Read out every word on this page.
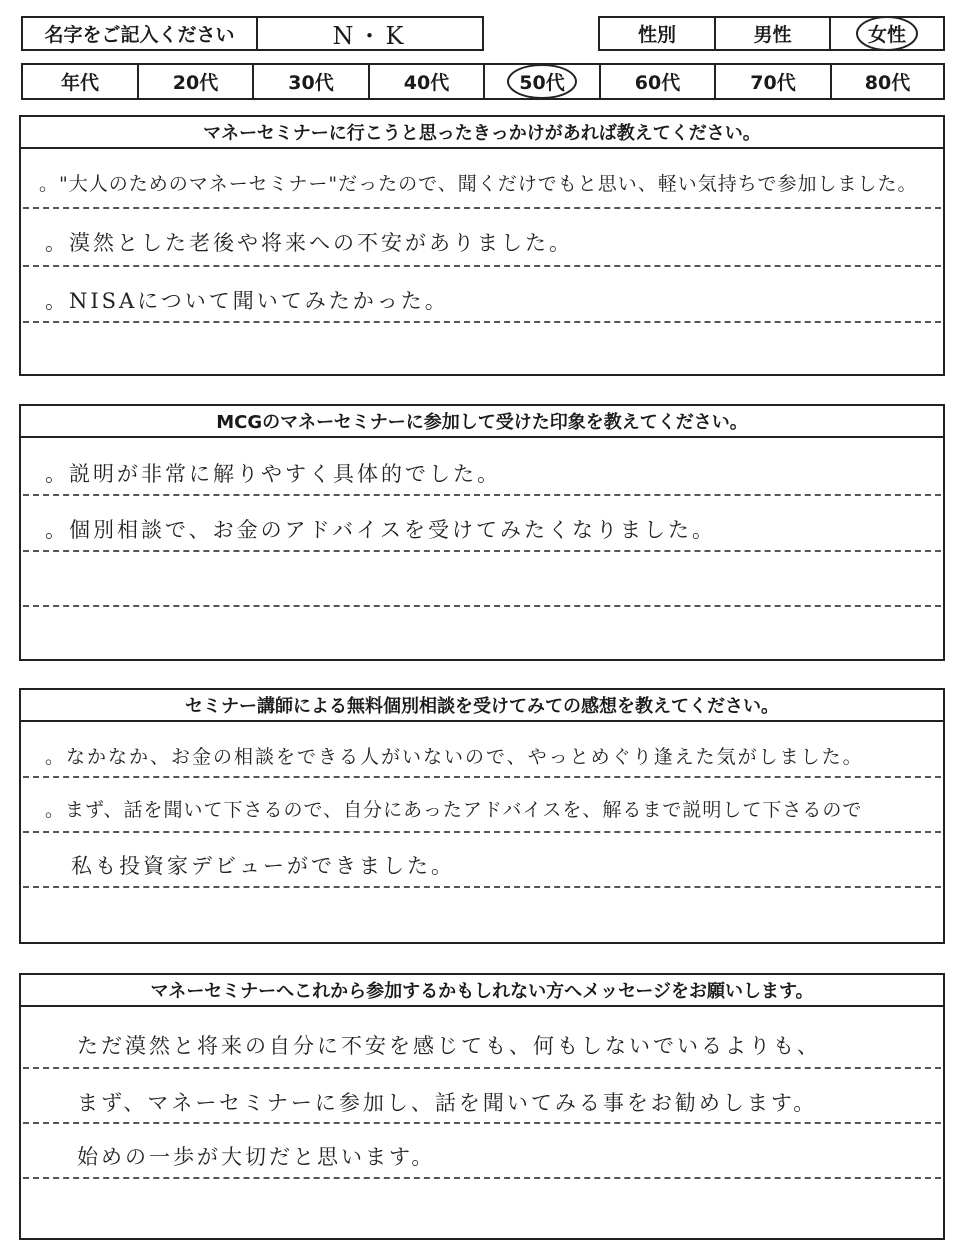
名字をご記入ください	N・K	性別	男性	女性
年代	20代	30代	40代	50代	60代	70代	80代
マネーセミナーに行こうと思ったきっかけがあれば教えてください。
。"大人のためのマネーセミナー"だったので、聞くだけでもと思い、軽い気持ちで参加しました。
。漠然とした老後や将来への不安がありました。
。NISAについて聞いてみたかった。
MCGのマネーセミナーに参加して受けた印象を教えてください。
。説明が非常に解りやすく具体的でした。
。個別相談で、お金のアドバイスを受けてみたくなりました。
セミナー講師による無料個別相談を受けてみての感想を教えてください。
。なかなか、お金の相談をできる人がいないので、やっとめぐり逢えた気がしました。
。まず、話を聞いて下さるので、自分にあったアドバイスを、解るまで説明して下さるので
私も投資家デビューができました。
マネーセミナーへこれから参加するかもしれない方へメッセージをお願いします。
ただ漠然と将来の自分に不安を感じても、何もしないでいるよりも、
まず、マネーセミナーに参加し、話を聞いてみる事をお勧めします。
始めの一歩が大切だと思います。
